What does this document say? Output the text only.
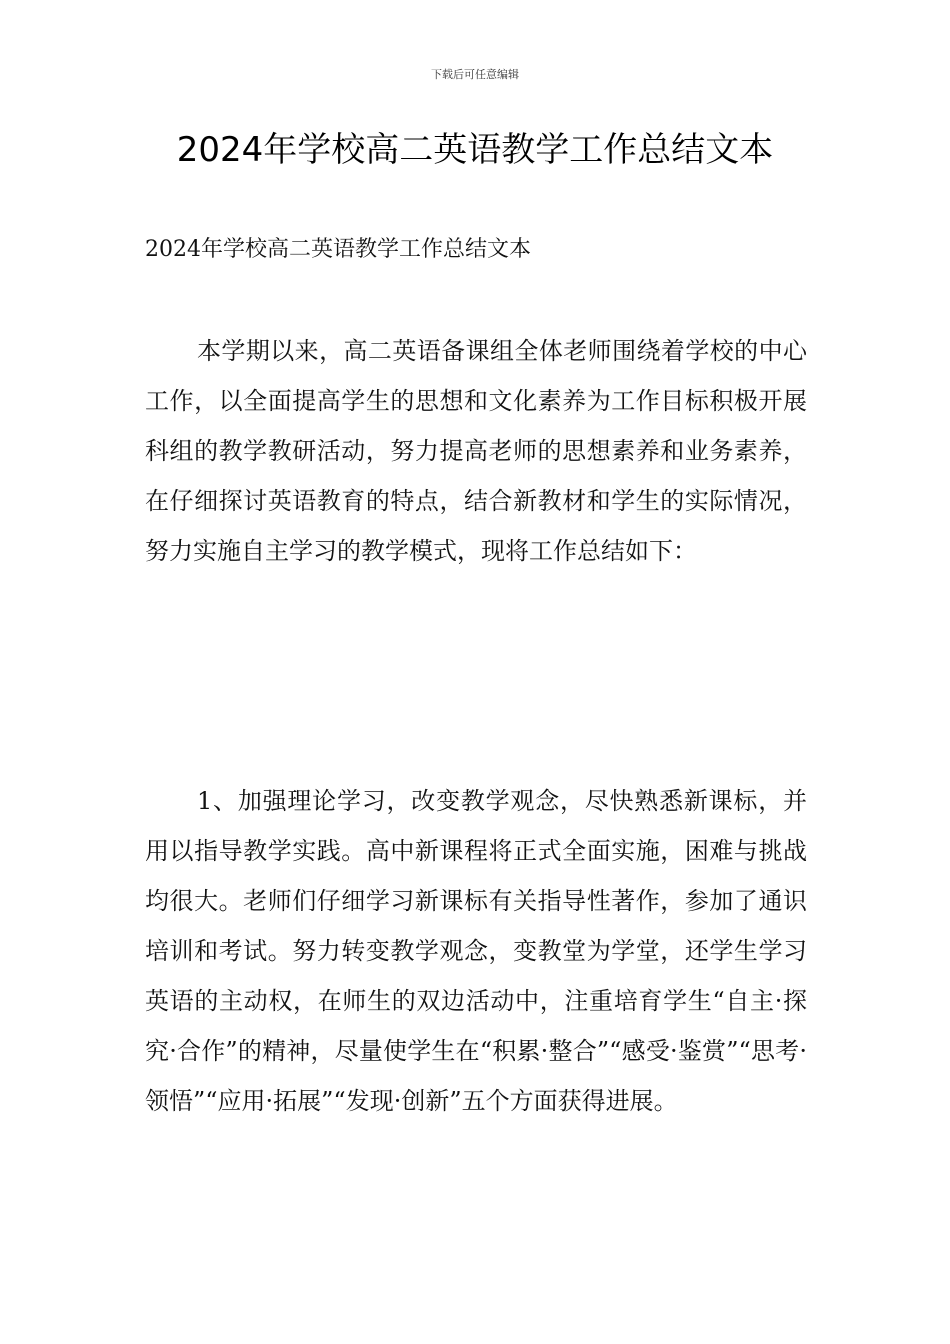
下载后可任意编辑
2024年学校高二英语教学工作总结文本

2024年学校高二英语教学工作总结文本

本学期以来，高二英语备课组全体老师围绕着学校的中心工作，以全面提高学生的思想和文化素养为工作目标积极开展科组的教学教研活动，努力提高老师的思想素养和业务素养，在仔细探讨英语教育的特点，结合新教材和学生的实际情况，努力实施自主学习的教学模式，现将工作总结如下：

1、加强理论学习，改变教学观念，尽快熟悉新课标，并用以指导教学实践。高中新课程将正式全面实施，困难与挑战均很大。老师们仔细学习新课标有关指导性著作，参加了通识培训和考试。努力转变教学观念，变教堂为学堂，还学生学习英语的主动权，在师生的双边活动中，注重培育学生“自主·探究·合作”的精神，尽量使学生在“积累·整合”“感受·鉴赏”“思考·领悟”“应用·拓展”“发现·创新”五个方面获得进展。
